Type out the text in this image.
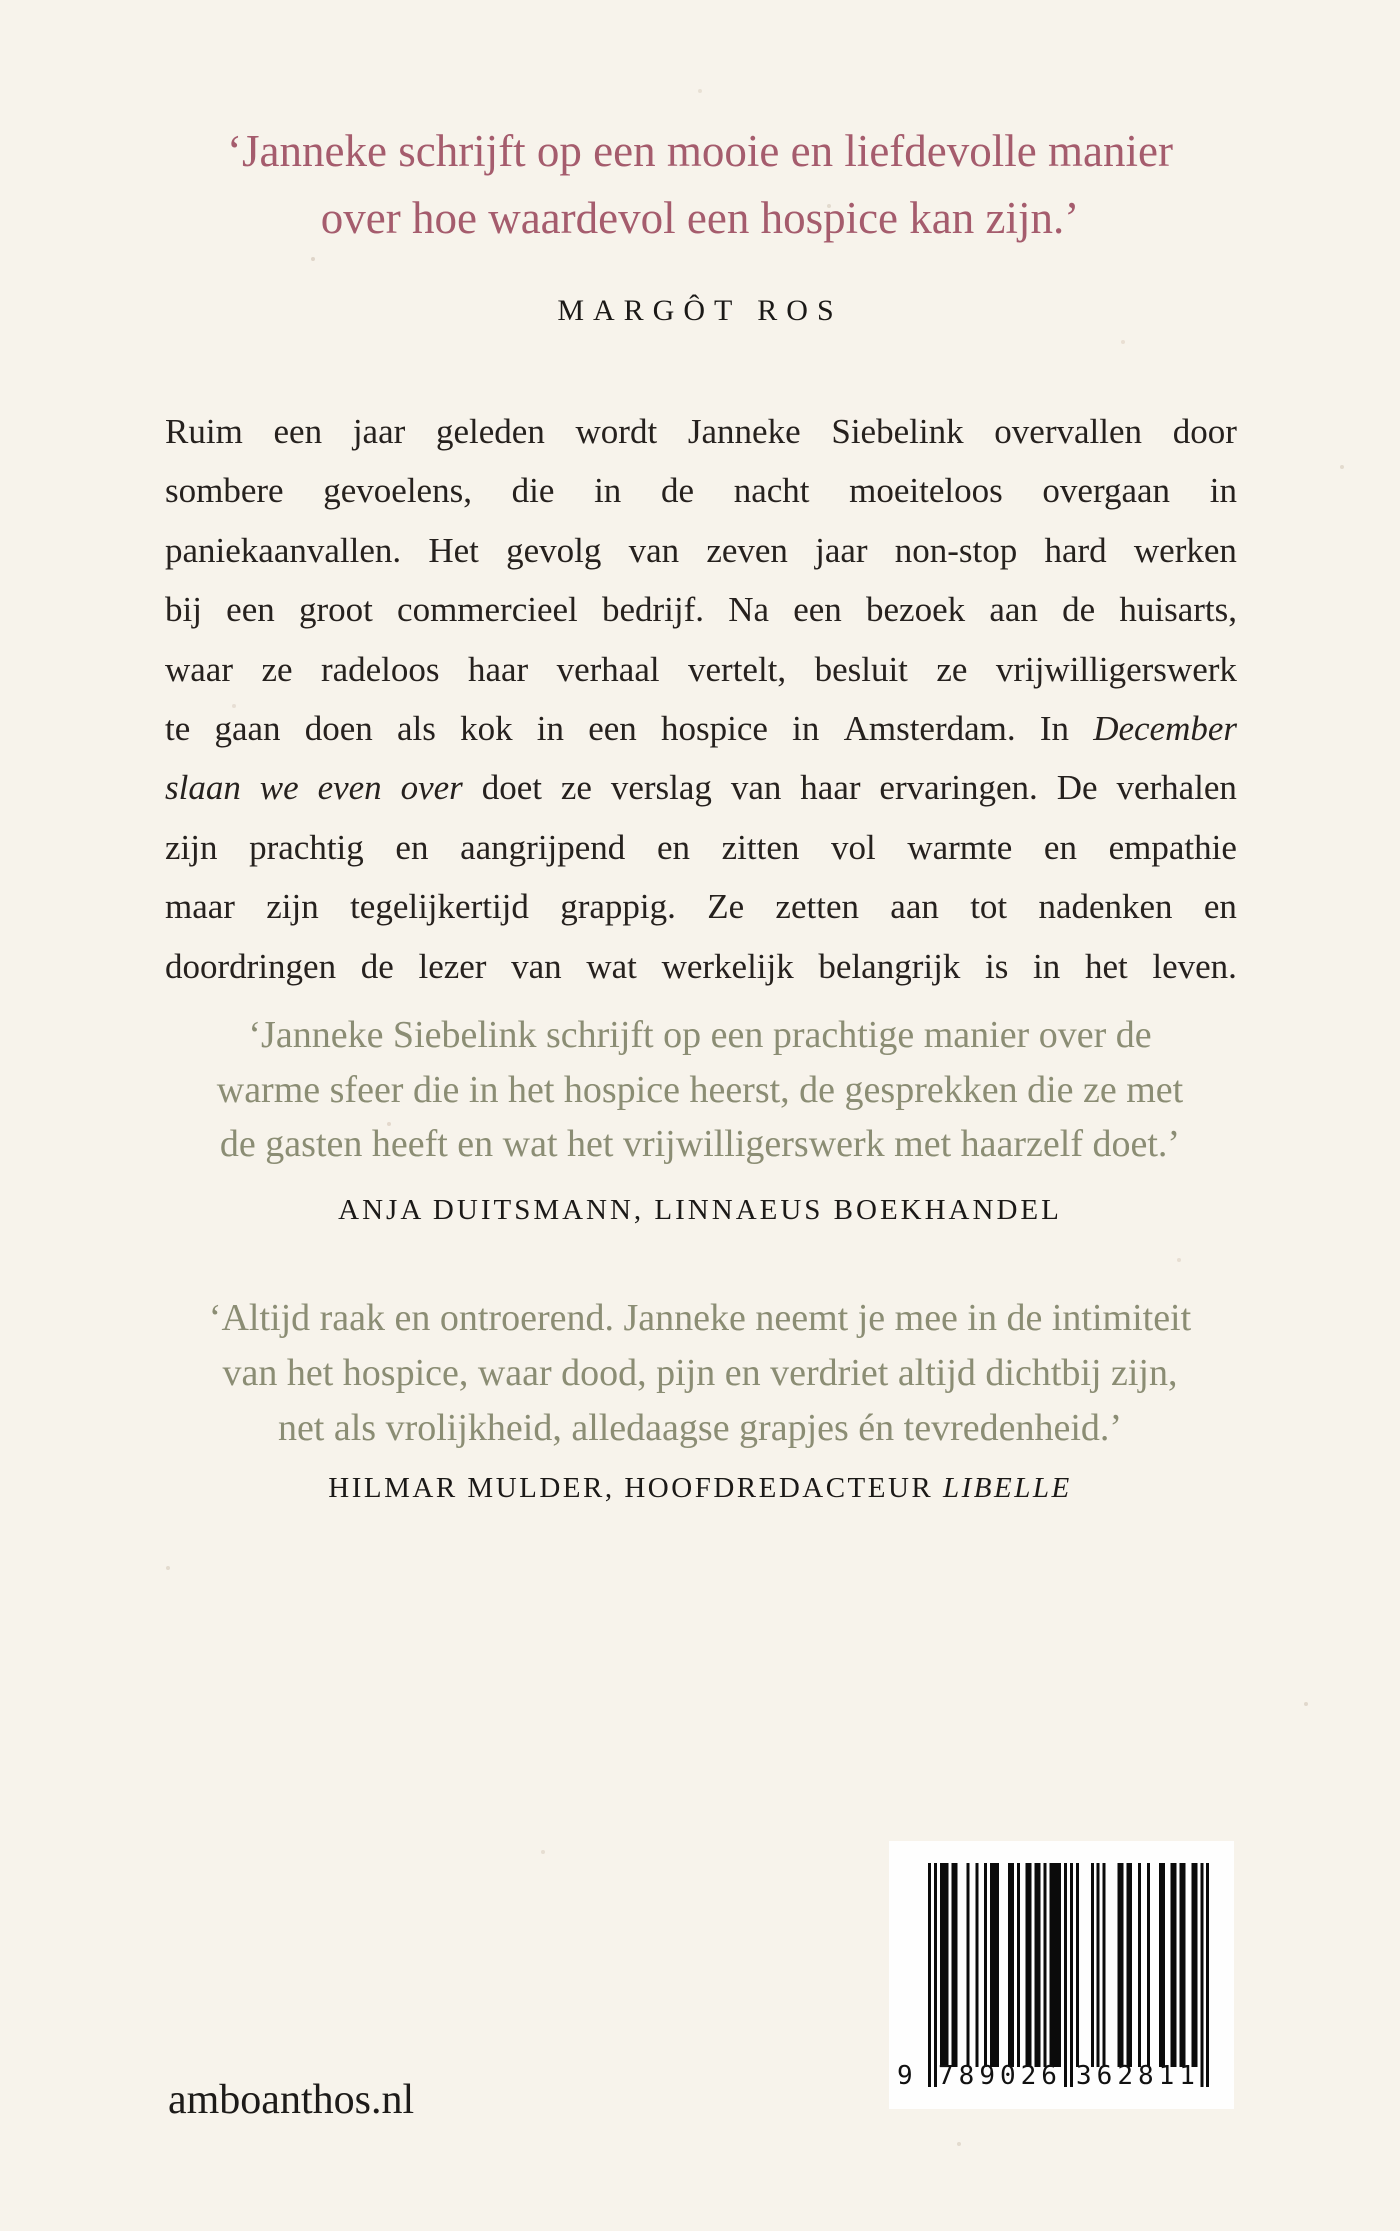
‘Janneke schrijft op een mooie en liefdevolle manier
over hoe waardevol een hospice kan zijn.’
MARGÔT ROS
Ruim een jaar geleden wordt Janneke Siebelink overvallen door
sombere gevoelens, die in de nacht moeiteloos overgaan in
paniekaanvallen. Het gevolg van zeven jaar non-stop hard werken
bij een groot commercieel bedrijf. Na een bezoek aan de huisarts,
waar ze radeloos haar verhaal vertelt, besluit ze vrijwilligerswerk
te gaan doen als kok in een hospice in Amsterdam. In December
slaan we even over doet ze verslag van haar ervaringen. De verhalen
zijn prachtig en aangrijpend en zitten vol warmte en empathie
maar zijn tegelijkertijd grappig. Ze zetten aan tot nadenken en
doordringen de lezer van wat werkelijk belangrijk is in het leven.
‘Janneke Siebelink schrijft op een prachtige manier over de
warme sfeer die in het hospice heerst, de gesprekken die ze met
de gasten heeft en wat het vrijwilligerswerk met haarzelf doet.’
ANJA DUITSMANN, LINNAEUS BOEKHANDEL
‘Altijd raak en ontroerend. Janneke neemt je mee in de intimiteit
van het hospice, waar dood, pijn en verdriet altijd dichtbij zijn,
net als vrolijkheid, alledaagse grapjes én tevredenheid.’
HILMAR MULDER, HOOFDREDACTEUR LIBELLE
9 789026 362811
amboanthos.nl
